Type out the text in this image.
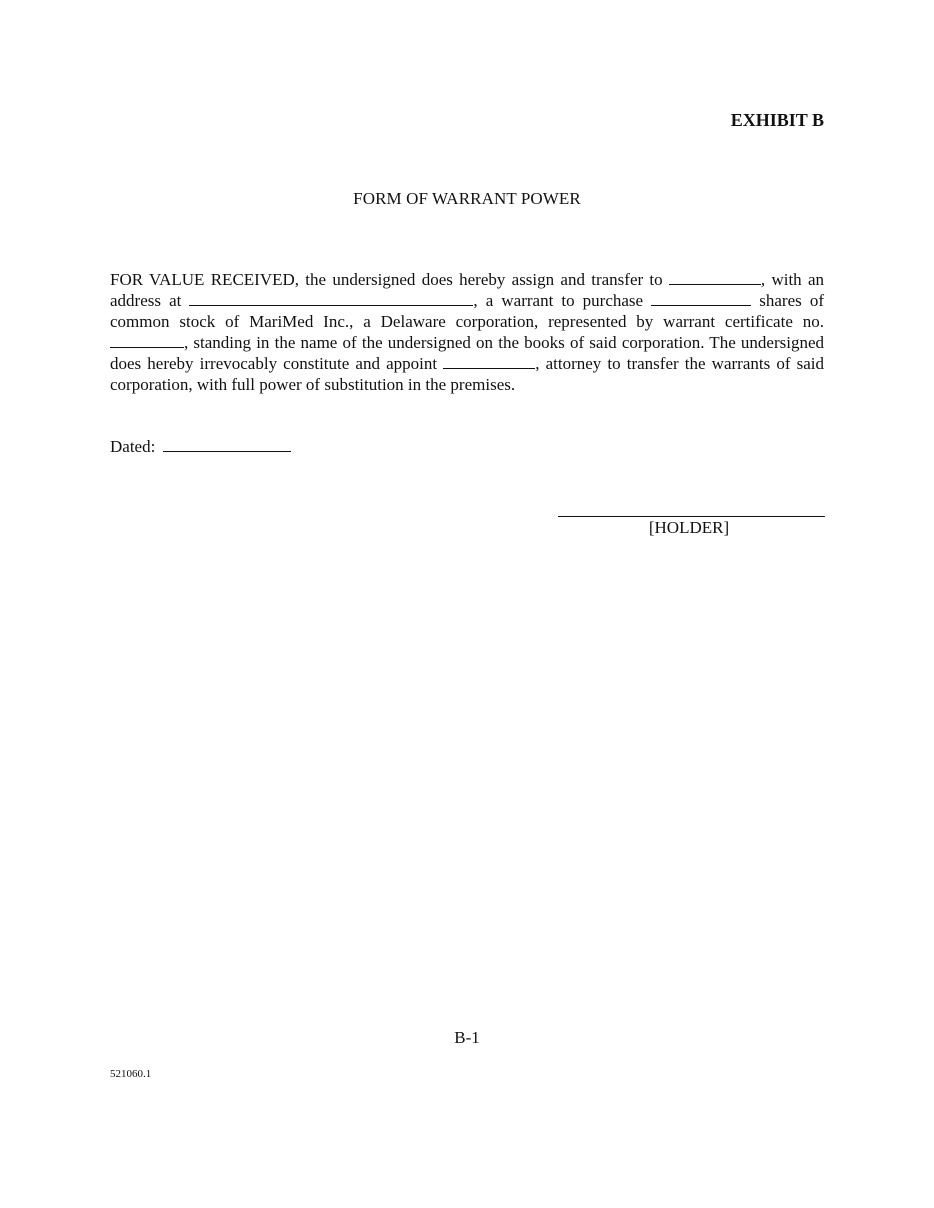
EXHIBIT B
FORM OF WARRANT POWER

FOR VALUE RECEIVED, the undersigned does hereby assign and transfer to	, with an address at	, a warrant to purchase	shares of common stock of MariMed Inc., a Delaware corporation, represented by warrant certificate no. , standing in the name of the undersigned on the books of said corporation. The undersigned does hereby irrevocably constitute and appoint	, attorney to transfer the warrants of said corporation, with full power of substitution in the premises.

Dated:
[HOLDER]
B-1
521060.1
